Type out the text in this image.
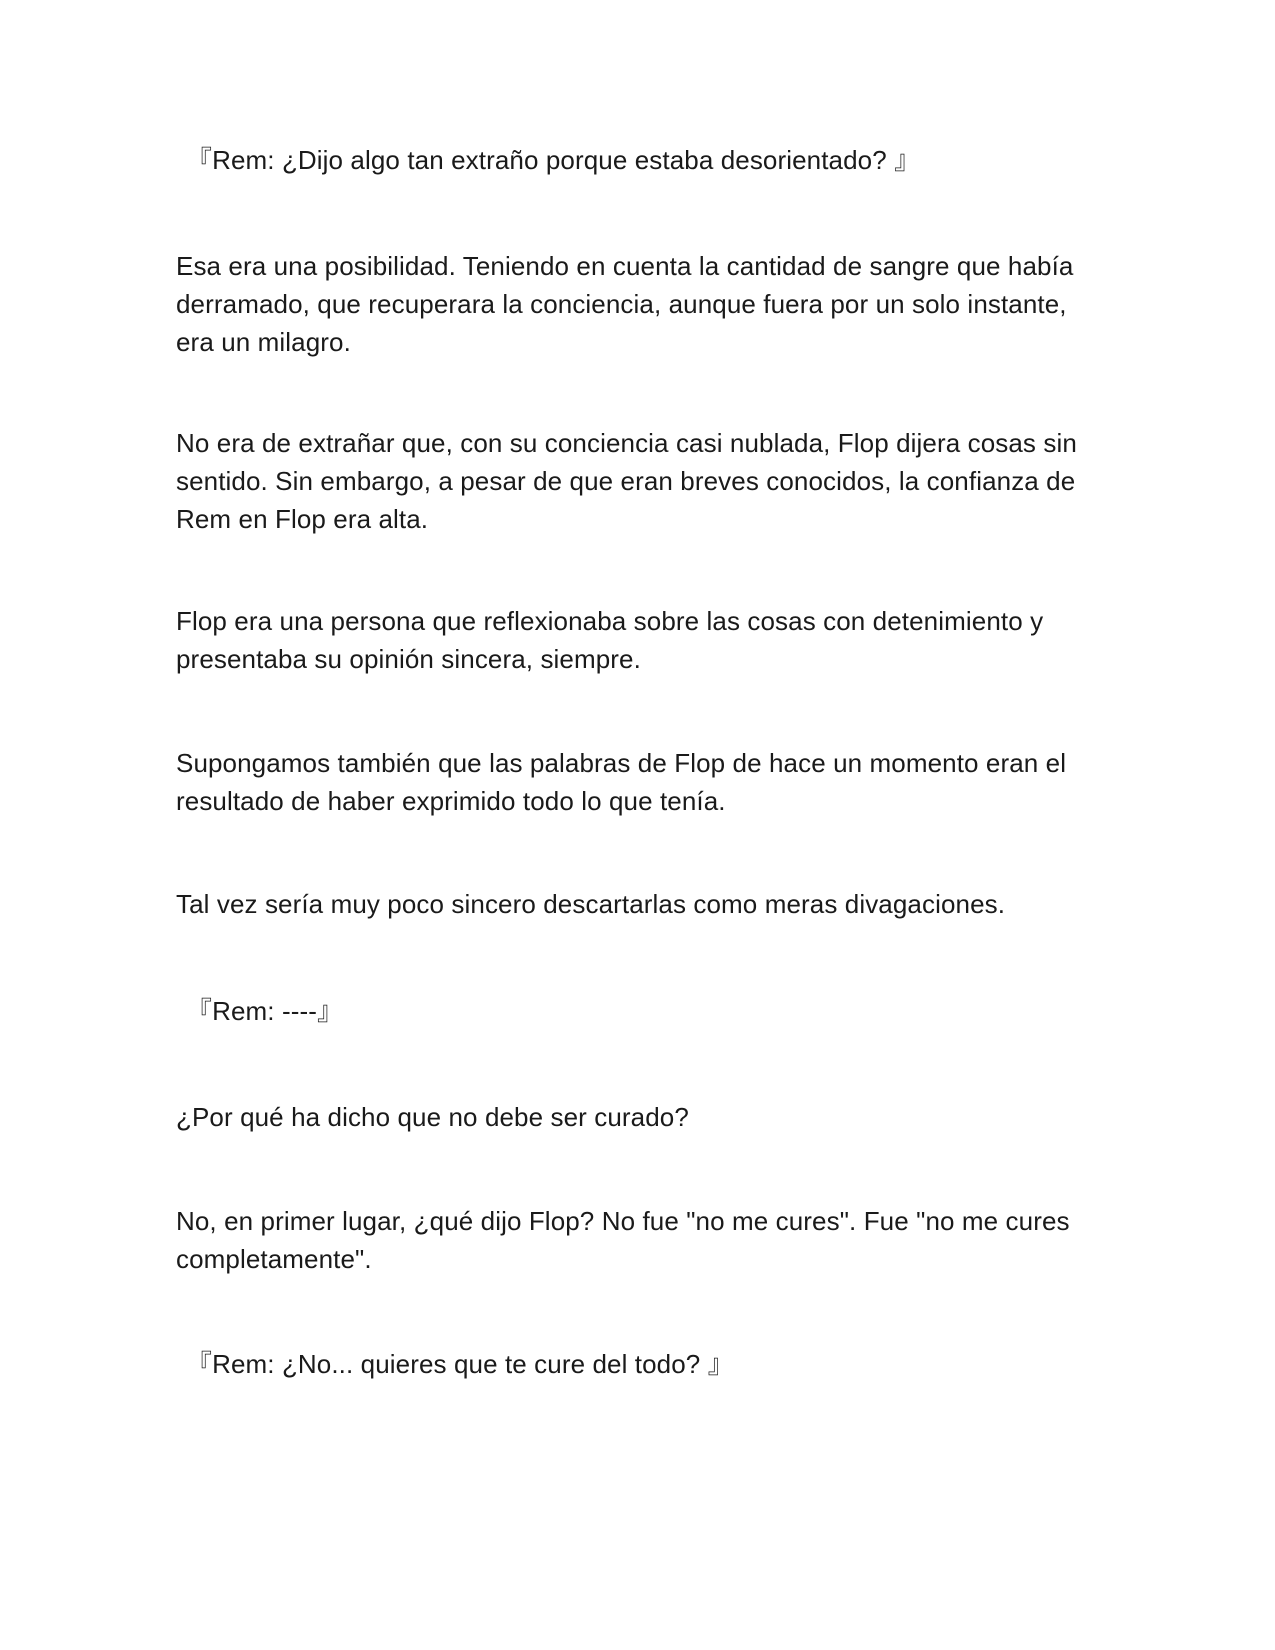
『Rem: ¿Dijo algo tan extraño porque estaba desorientado? 』

Esa era una posibilidad. Teniendo en cuenta la cantidad de sangre que había
derramado, que recuperara la conciencia, aunque fuera por un solo instante,
era un milagro.

No era de extrañar que, con su conciencia casi nublada, Flop dijera cosas sin
sentido. Sin embargo, a pesar de que eran breves conocidos, la confianza de
Rem en Flop era alta.

Flop era una persona que reflexionaba sobre las cosas con detenimiento y
presentaba su opinión sincera, siempre.

Supongamos también que las palabras de Flop de hace un momento eran el
resultado de haber exprimido todo lo que tenía.

Tal vez sería muy poco sincero descartarlas como meras divagaciones.

『Rem: ----』

¿Por qué ha dicho que no debe ser curado?

No, en primer lugar, ¿qué dijo Flop? No fue "no me cures". Fue "no me cures
completamente".

『Rem: ¿No... quieres que te cure del todo? 』
